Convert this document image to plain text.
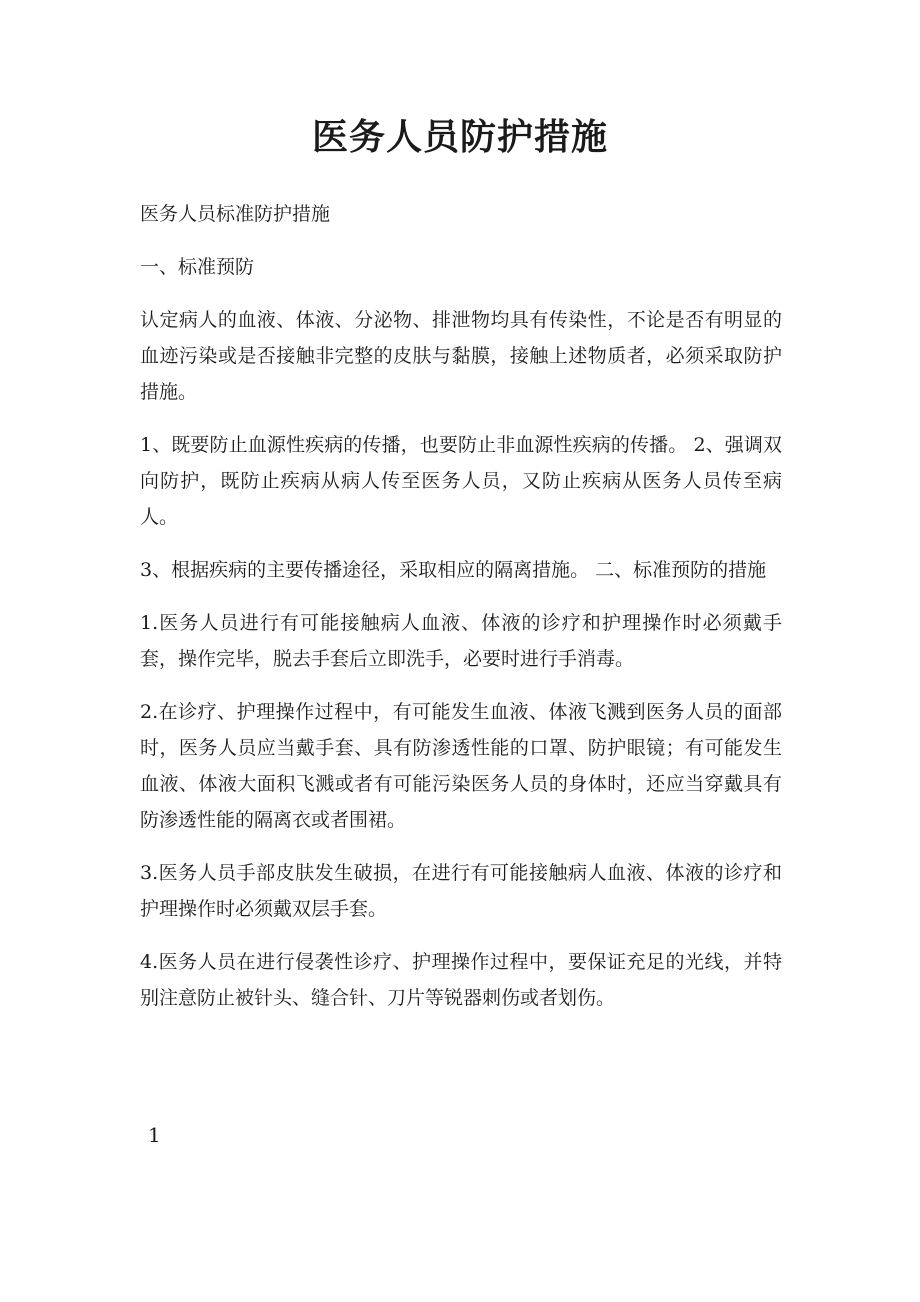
医务人员防护措施

医务人员标准防护措施

一、标准预防

认定病人的血液、体液、分泌物、排泄物均具有传染性，不论是否有明显的血迹污染或是否接触非完整的皮肤与黏膜，接触上述物质者，必须采取防护措施。

1、既要防止血源性疾病的传播，也要防止非血源性疾病的传播。 2、强调双向防护，既防止疾病从病人传至医务人员，又防止疾病从医务人员传至病人。

3、根据疾病的主要传播途径，采取相应的隔离措施。 二、标准预防的措施

1.医务人员进行有可能接触病人血液、体液的诊疗和护理操作时必须戴手套，操作完毕，脱去手套后立即洗手，必要时进行手消毒。

2.在诊疗、护理操作过程中，有可能发生血液、体液飞溅到医务人员的面部时，医务人员应当戴手套、具有防渗透性能的口罩、防护眼镜；有可能发生血液、体液大面积飞溅或者有可能污染医务人员的身体时，还应当穿戴具有防渗透性能的隔离衣或者围裙。

3.医务人员手部皮肤发生破损，在进行有可能接触病人血液、体液的诊疗和护理操作时必须戴双层手套。

4.医务人员在进行侵袭性诊疗、护理操作过程中，要保证充足的光线，并特别注意防止被针头、缝合针、刀片等锐器刺伤或者划伤。

1
